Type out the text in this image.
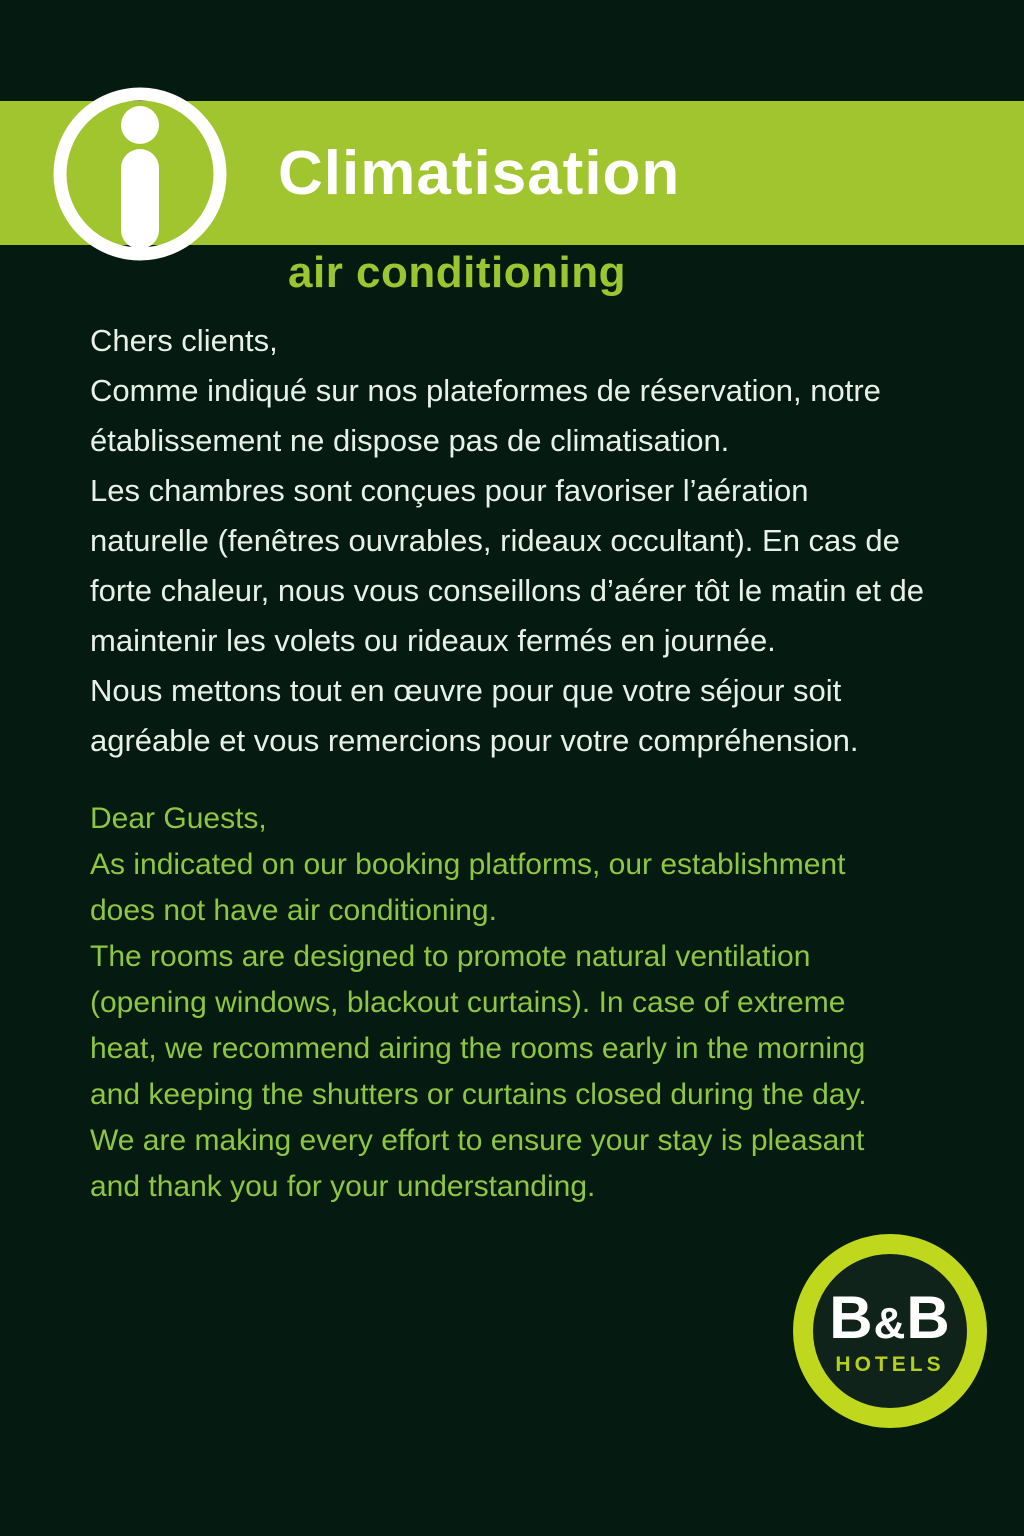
Climatisation
air conditioning
Chers clients,
Comme indiqué sur nos plateformes de réservation, notre
établissement ne dispose pas de climatisation.
Les chambres sont conçues pour favoriser l’aération
naturelle (fenêtres ouvrables, rideaux occultant). En cas de
forte chaleur, nous vous conseillons d’aérer tôt le matin et de
maintenir les volets ou rideaux fermés en journée.
Nous mettons tout en œuvre pour que votre séjour soit
agréable et vous remercions pour votre compréhension.
Dear Guests,
As indicated on our booking platforms, our establishment
does not have air conditioning.
The rooms are designed to promote natural ventilation
(opening windows, blackout curtains). In case of extreme
heat, we recommend airing the rooms early in the morning
and keeping the shutters or curtains closed during the day.
We are making every effort to ensure your stay is pleasant
and thank you for your understanding.
B & B
HOTELS
